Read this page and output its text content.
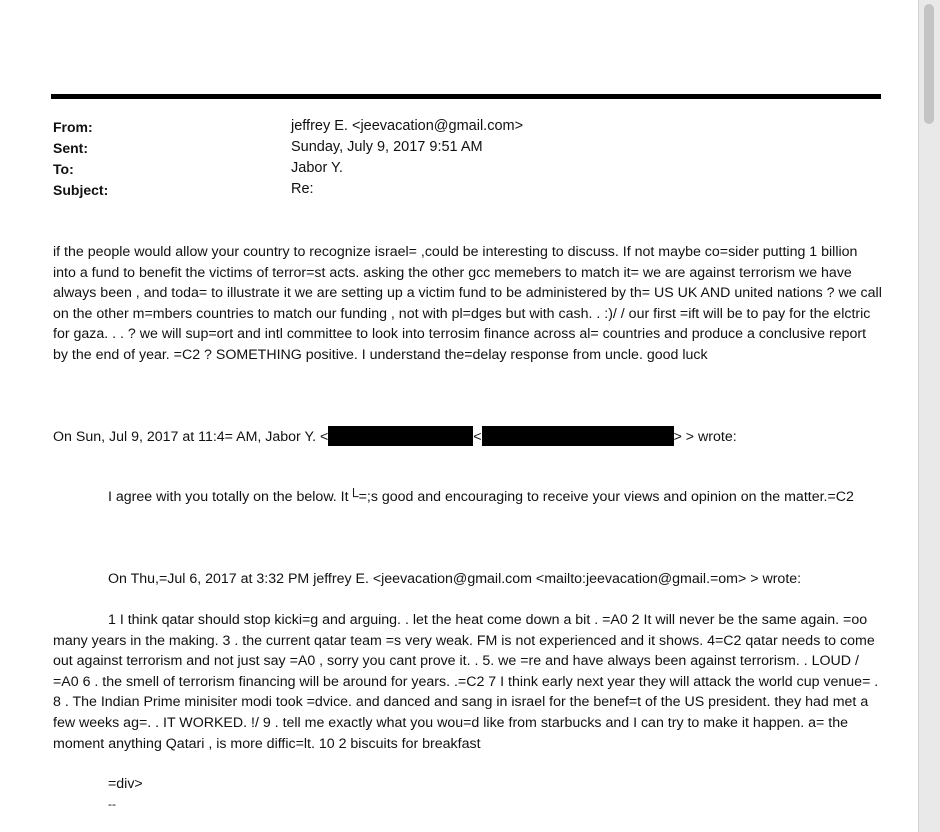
From:	jeffrey E. <jeevacation@gmail.com>
Sent:	Sunday, July 9, 2017 9:51 AM
To:	Jabor Y.
Subject:	Re:

if the people would allow your country to recognize israel= ,could be interesting to discuss. If not maybe co=sider putting 1 billion into a fund to benefit the victims of terror=st acts. asking the other gcc memebers to match it= we are against terrorism we have always been , and toda= to illustrate it we are setting up a victim fund to be administered by th= US UK AND united nations ? we call on the other m=mbers countries to match our funding , not with pl=dges but with cash. . :)/ / our first =ift will be to pay for the elctric for gaza. . . ? we will sup=ort and intl committee to look into terrosim finance across al= countries and produce a conclusive report by the end of year. =C2 ? SOMETHING positive. I understand the=delay response from uncle. good luck

On Sun, Jul 9, 2017 at 11:4= AM, Jabor Y. <	<	> > wrote:

I agree with you totally on the below. It└=;s good and encouraging to receive your views and opinion on the matter.=C2

On Thu,=Jul 6, 2017 at 3:32 PM jeffrey E. <jeevacation@gmail.com <mailto:jeevacation@gmail.=om> > wrote:

1 I think qatar should stop kicki=g and arguing. . let the heat come down a bit . =A0 2 It will never be the same again. =oo many years in the making. 3 . the current qatar team =s very weak. FM is not experienced and it shows. 4=C2 qatar needs to come out against terrorism and not just say =A0 , sorry you cant prove it. . 5. we =re and have always been against terrorism. . LOUD / =A0 6 . the smell of terrorism financing will be around for years. .=C2 7 I think early next year they will attack the world cup venue= . 8 . The Indian Prime minisiter modi took =dvice. and danced and sang in israel for the benef=t of the US president. they had met a few weeks ag=. . IT WORKED. !/ 9 . tell me exactly what you wou=d like from starbucks and I can try to make it happen. a= the moment anything Qatari , is more diffic=lt. 10 2 biscuits for breakfast

=div>
--
